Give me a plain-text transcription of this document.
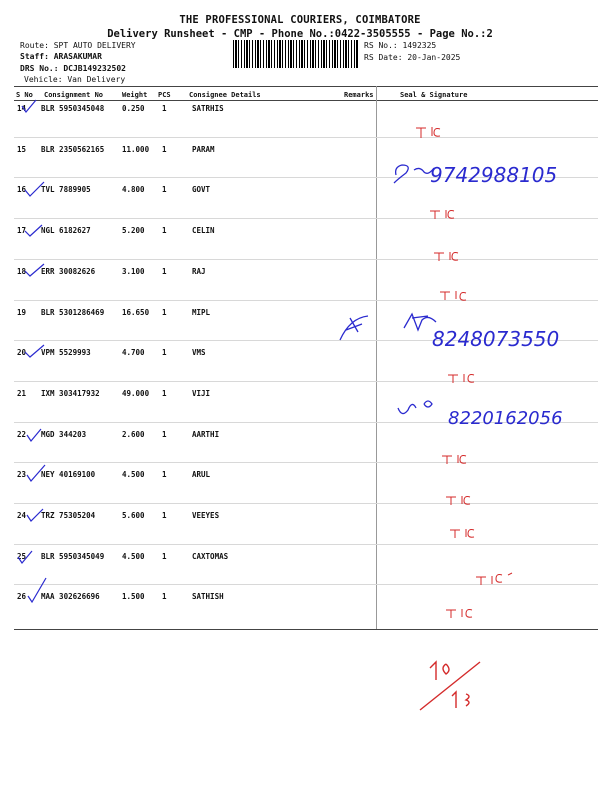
THE PROFESSIONAL COURIERS, COIMBATORE
Delivery Runsheet - CMP - Phone No.:0422-3505555 - Page No.:2
Route: SPT AUTO DELIVERY
Staff: ARASAKUMAR
DRS No.: DCJB149232502
Vehicle: Van Delivery
RS No.: 1492325
RS Date: 20-Jan-2025
S No Consignment No	Weight PCS	Consignee Details	Remarks	Seal & Signature
14 BLR 5950345048 0.250 1	SATRHIS
15 BLR 2350562165 11.000 1	PARAM
16 TVL 7889905	4.800 1	GOVT
17 NGL 6182627	5.200 1	CELIN
18 ERR 30082626	3.100 1	RAJ
19 BLR 5301286469 16.650 1	MIPL
20 VPM 5529993	4.700 1	VMS
21 IXM 303417932	49.000 1	VIJI
22 MGD 344203	2.600 1	AARTHI
23 NEY 40169100	4.500 1	ARUL
24 TRZ 75305204	5.600 1	VEEYES
25 BLR 5950345049 4.500 1	CAXTOMAS
26 MAA 302626696	1.500 1	SATHISH
9742988105
8248073550
8220162056
